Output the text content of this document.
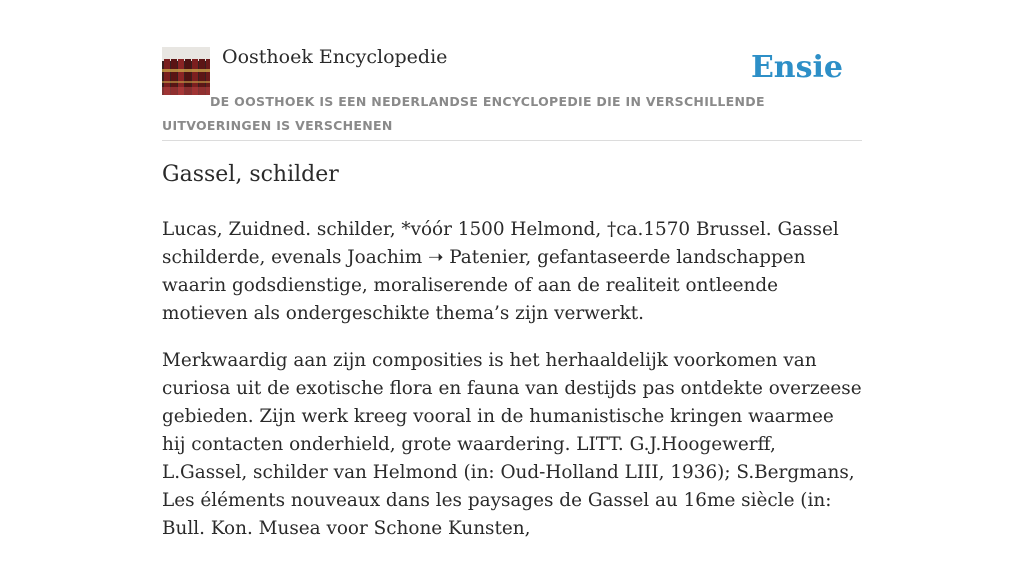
Oosthoek Encyclopedie	Ensie
DE OOSTHOEK IS EEN NEDERLANDSE ENCYCLOPEDIE DIE IN VERSCHILLENDE UITVOERINGEN IS VERSCHENEN
Gassel, schilder

Lucas, Zuidned. schilder, *vóór 1500 Helmond, †ca.1570 Brussel. Gassel schilderde, evenals Joachim ➝ Patenier, gefantaseerde landschappen waarin godsdienstige, moraliserende of aan de realiteit ontleende motieven als ondergeschikte thema’s zijn verwerkt.

Merkwaardig aan zijn composities is het herhaaldelijk voorkomen van curiosa uit de exotische flora en fauna van destijds pas ontdekte overzeese gebieden. Zijn werk kreeg vooral in de humanistische kringen waarmee hij contacten onderhield, grote waardering. LITT. G.J.Hoogewerff, L.Gassel, schilder van Helmond (in: Oud-Holland LIII, 1936); S.Bergmans, Les éléments nouveaux dans les paysages de Gassel au 16me siècle (in: Bull. Kon. Musea voor Schone Kunsten,
